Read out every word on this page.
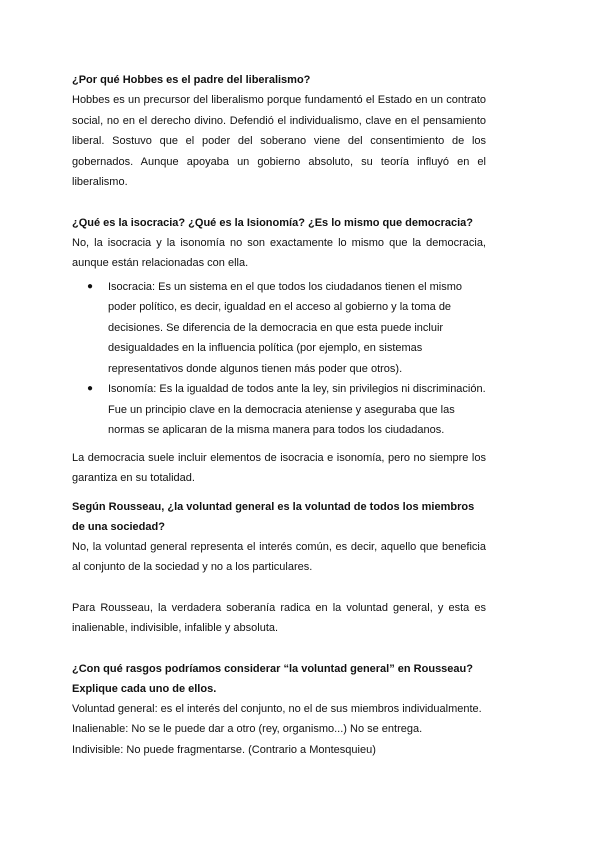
¿Por qué Hobbes es el padre del liberalismo?

Hobbes es un precursor del liberalismo porque fundamentó el Estado en un contrato social, no en el derecho divino. Defendió el individualismo, clave en el pensamiento liberal. Sostuvo que el poder del soberano viene del consentimiento de los gobernados. Aunque apoyaba un gobierno absoluto, su teoría influyó en el liberalismo.

¿Qué es la isocracia? ¿Qué es la Isionomía? ¿Es lo mismo que democracia?

No, la isocracia y la isonomía no son exactamente lo mismo que la democracia, aunque están relacionadas con ella.

● Isocracia: Es un sistema en el que todos los ciudadanos tienen el mismo poder político, es decir, igualdad en el acceso al gobierno y la toma de decisiones. Se diferencia de la democracia en que esta puede incluir desigualdades en la influencia política (por ejemplo, en sistemas representativos donde algunos tienen más poder que otros).
● Isonomía: Es la igualdad de todos ante la ley, sin privilegios ni discriminación. Fue un principio clave en la democracia ateniense y aseguraba que las normas se aplicaran de la misma manera para todos los ciudadanos.

La democracia suele incluir elementos de isocracia e isonomía, pero no siempre los garantiza en su totalidad.

Según Rousseau, ¿la voluntad general es la voluntad de todos los miembros de una sociedad?

No, la voluntad general representa el interés común, es decir, aquello que beneficia al conjunto de la sociedad y no a los particulares.

Para Rousseau, la verdadera soberanía radica en la voluntad general, y esta es inalienable, indivisible, infalible y absoluta.

¿Con qué rasgos podríamos considerar “la voluntad general” en Rousseau? Explique cada uno de ellos.

Voluntad general: es el interés del conjunto, no el de sus miembros individualmente.

Inalienable: No se le puede dar a otro (rey, organismo...) No se entrega.

Indivisible: No puede fragmentarse. (Contrario a Montesquieu)
